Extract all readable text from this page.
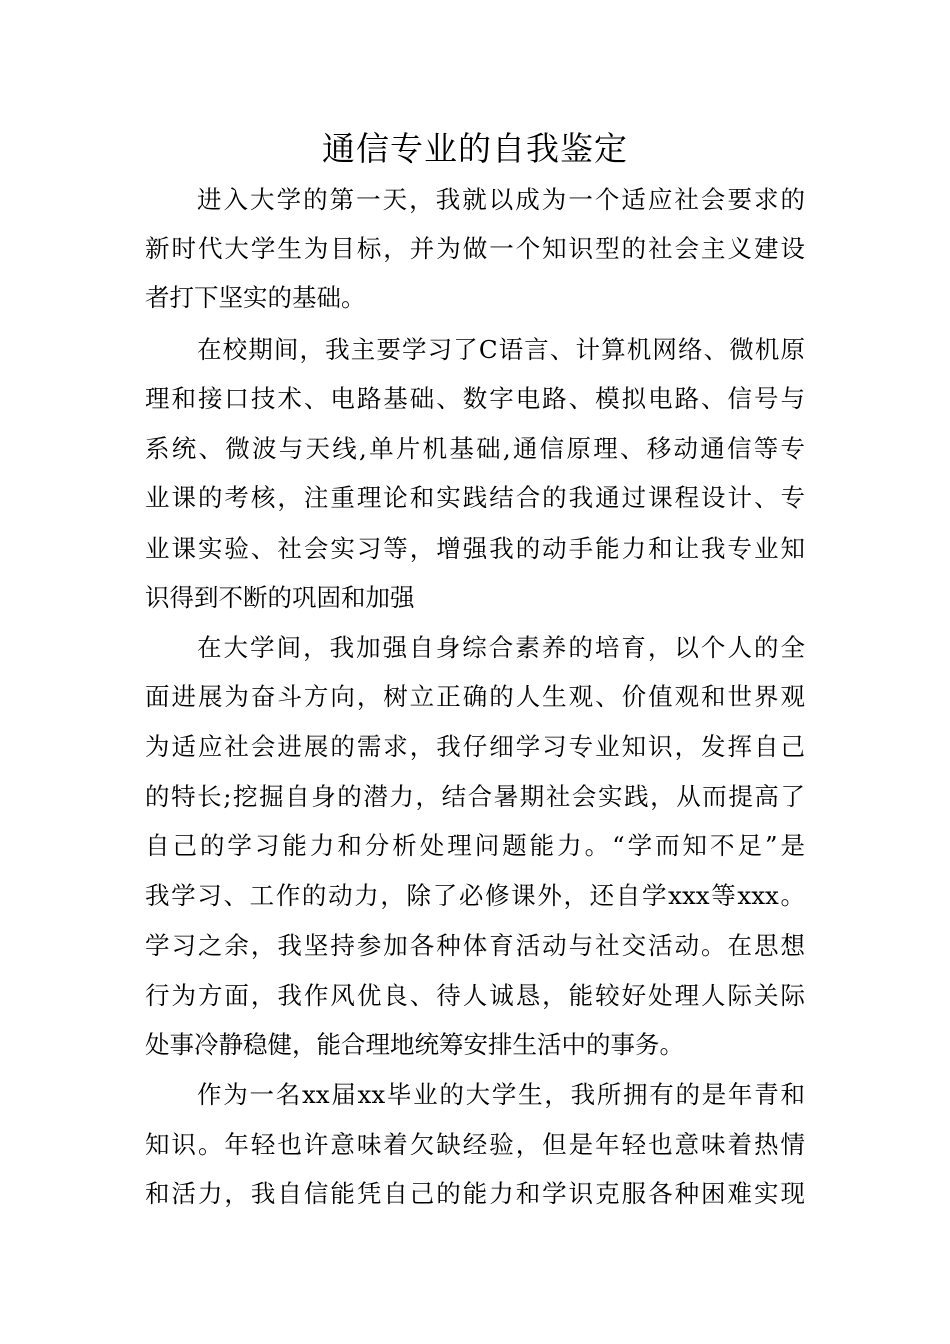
通信专业的自我鉴定
进入大学的第一天，我就以成为一个适应社会要求的
新时代大学生为目标，并为做一个知识型的社会主义建设
者打下坚实的基础。
在校期间，我主要学习了C语言、计算机网络、微机原
理和接口技术、电路基础、数字电路、模拟电路、信号与
系统、微波与天线,单片机基础,通信原理、移动通信等专
业课的考核，注重理论和实践结合的我通过课程设计、专
业课实验、社会实习等，增强我的动手能力和让我专业知
识得到不断的巩固和加强
在大学间，我加强自身综合素养的培育，以个人的全
面进展为奋斗方向，树立正确的人生观、价值观和世界观
为适应社会进展的需求，我仔细学习专业知识，发挥自己
的特长;挖掘自身的潜力，结合暑期社会实践，从而提高了
自己的学习能力和分析处理问题能力。“学而知不足”是
我学习、工作的动力，除了必修课外，还自学xxx等xxx。
学习之余，我坚持参加各种体育活动与社交活动。在思想
行为方面，我作风优良、待人诚恳，能较好处理人际关际
处事冷静稳健，能合理地统筹安排生活中的事务。
作为一名xx届xx毕业的大学生，我所拥有的是年青和
知识。年轻也许意味着欠缺经验，但是年轻也意味着热情
和活力，我自信能凭自己的能力和学识克服各种困难实现
